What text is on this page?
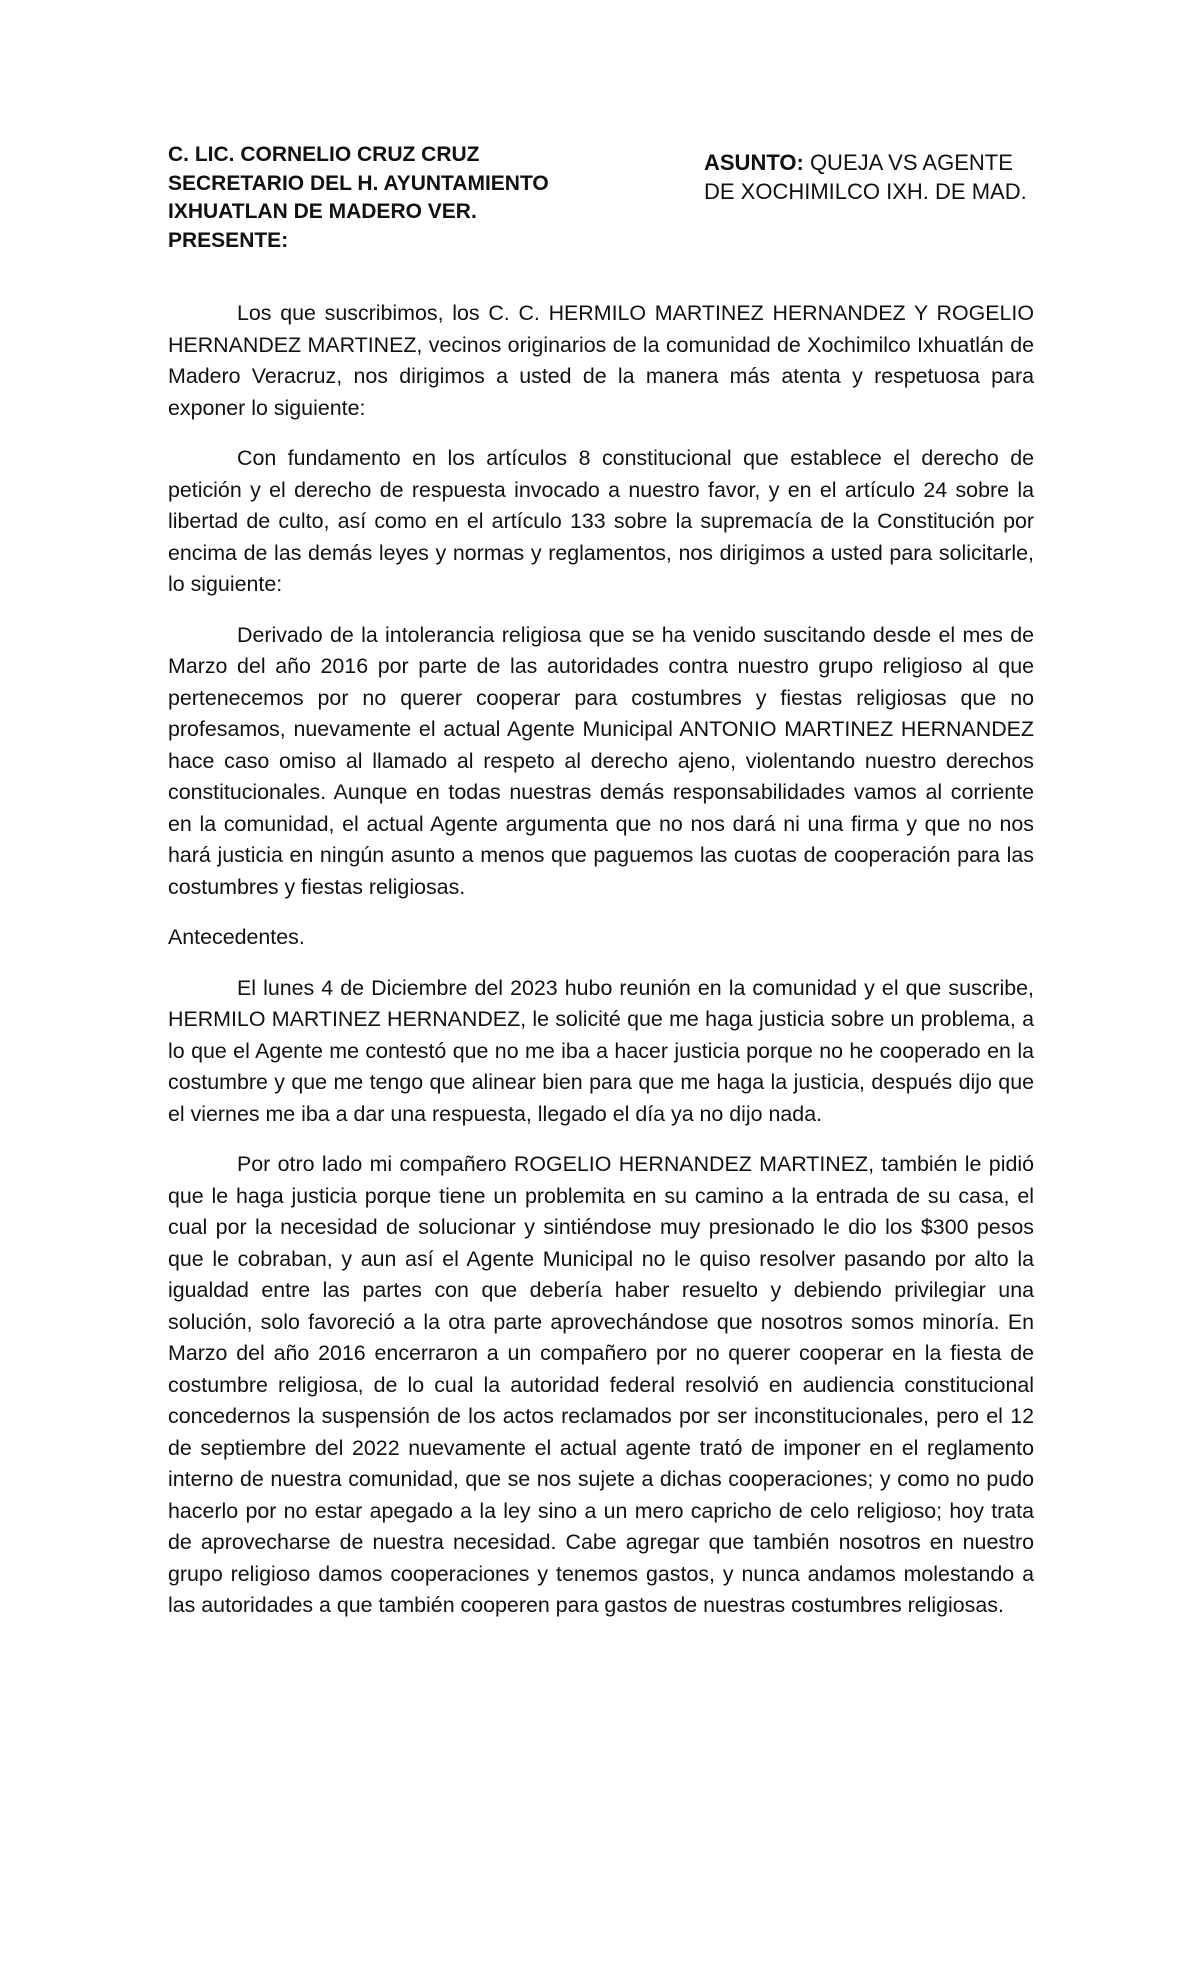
C. LIC. CORNELIO CRUZ CRUZ
SECRETARIO DEL H. AYUNTAMIENTO
IXHUATLAN DE MADERO VER.
PRESENTE:
ASUNTO: QUEJA VS AGENTE
DE XOCHIMILCO IXH. DE MAD.

Los que suscribimos, los C. C. HERMILO MARTINEZ HERNANDEZ Y ROGELIO HERNANDEZ MARTINEZ, vecinos originarios de la comunidad de Xochimilco Ixhuatlán de Madero Veracruz, nos dirigimos a usted de la manera más atenta y respetuosa para exponer lo siguiente:

Con fundamento en los artículos 8 constitucional que establece el derecho de petición y el derecho de respuesta invocado a nuestro favor, y en el artículo 24 sobre la libertad de culto, así como en el artículo 133 sobre la supremacía de la Constitución por encima de las demás leyes y normas y reglamentos, nos dirigimos a usted para solicitarle, lo siguiente:

Derivado de la intolerancia religiosa que se ha venido suscitando desde el mes de Marzo del año 2016 por parte de las autoridades contra nuestro grupo religioso al que pertenecemos por no querer cooperar para costumbres y fiestas religiosas que no profesamos, nuevamente el actual Agente Municipal ANTONIO MARTINEZ HERNANDEZ hace caso omiso al llamado al respeto al derecho ajeno, violentando nuestro derechos constitucionales. Aunque en todas nuestras demás responsabilidades vamos al corriente en la comunidad, el actual Agente argumenta que no nos dará ni una firma y que no nos hará justicia en ningún asunto a menos que paguemos las cuotas de cooperación para las costumbres y fiestas religiosas.

Antecedentes.

El lunes 4 de Diciembre del 2023 hubo reunión en la comunidad y el que suscribe, HERMILO MARTINEZ HERNANDEZ, le solicité que me haga justicia sobre un problema, a lo que el Agente me contestó que no me iba a hacer justicia porque no he cooperado en la costumbre y que me tengo que alinear bien para que me haga la justicia, después dijo que el viernes me iba a dar una respuesta, llegado el día ya no dijo nada.

Por otro lado mi compañero ROGELIO HERNANDEZ MARTINEZ, también le pidió que le haga justicia porque tiene un problemita en su camino a la entrada de su casa, el cual por la necesidad de solucionar y sintiéndose muy presionado le dio los $300 pesos que le cobraban, y aun así el Agente Municipal no le quiso resolver pasando por alto la igualdad entre las partes con que debería haber resuelto y debiendo privilegiar una solución, solo favoreció a la otra parte aprovechándose que nosotros somos minoría. En Marzo del año 2016 encerraron a un compañero por no querer cooperar en la fiesta de costumbre religiosa, de lo cual la autoridad federal resolvió en audiencia constitucional concedernos la suspensión de los actos reclamados por ser inconstitucionales, pero el 12 de septiembre del 2022 nuevamente el actual agente trató de imponer en el reglamento interno de nuestra comunidad, que se nos sujete a dichas cooperaciones; y como no pudo hacerlo por no estar apegado a la ley sino a un mero capricho de celo religioso; hoy trata de aprovecharse de nuestra necesidad. Cabe agregar que también nosotros en nuestro grupo religioso damos cooperaciones y tenemos gastos, y nunca andamos molestando a las autoridades a que también cooperen para gastos de nuestras costumbres religiosas.
